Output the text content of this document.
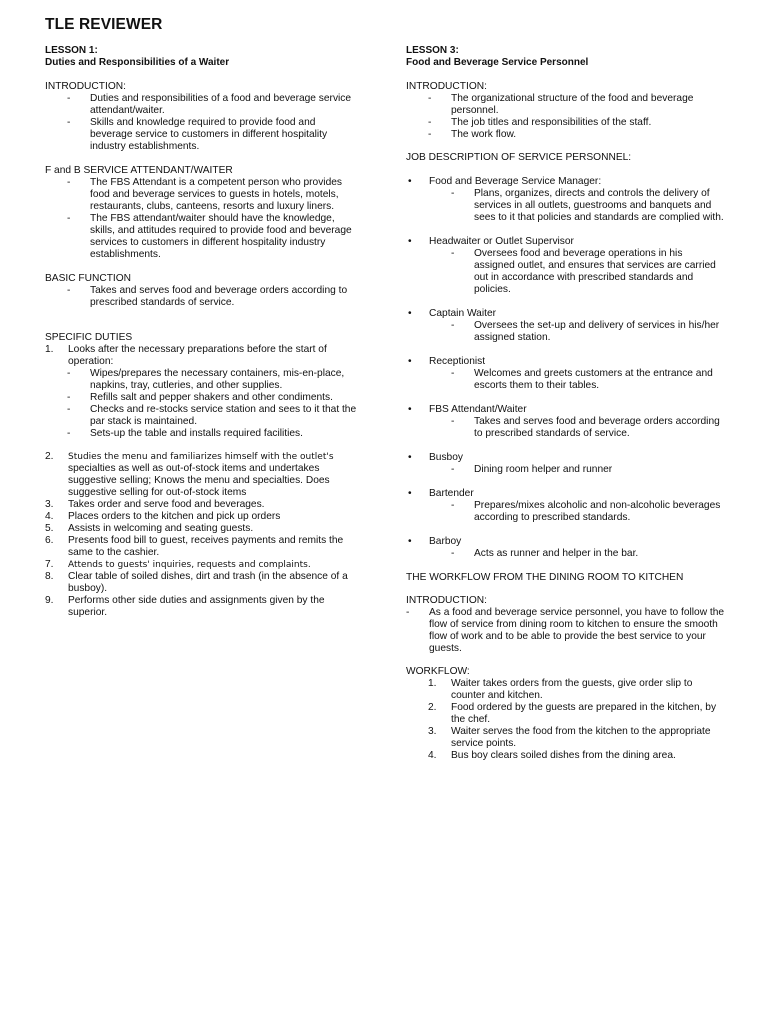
TLE REVIEWER
LESSON 1:
Duties and Responsibilities of a Waiter
INTRODUCTION:
-	Duties and responsibilities of a food and beverage service attendant/waiter.
-	Skills and knowledge required to provide food and beverage service to customers in different hospitality industry establishments.
F and B SERVICE ATTENDANT/WAITER
-	The FBS Attendant is a competent person who provides food and beverage services to guests in hotels, motels, restaurants, clubs, canteens, resorts and luxury liners.
-	The FBS attendant/waiter should have the knowledge, skills, and attitudes required to provide food and beverage services to customers in different hospitality industry establishments.
BASIC FUNCTION
-	Takes and serves food and beverage orders according to prescribed standards of service.
SPECIFIC DUTIES
1.	Looks after the necessary preparations before the start of operation:
-	Wipes/prepares the necessary containers, mis-en-place, napkins, tray, cutleries, and other supplies.
-	Refills salt and pepper shakers and other condiments.
-	Checks and re-stocks service station and sees to it that the par stack is maintained.
-	Sets-up the table and installs required facilities.
2.	Studies the menu and familiarizes himself with the outlet's
specialties as well as out-of-stock items and undertakes suggestive selling; Knows the menu and specialties. Does suggestive selling for out-of-stock items
3.	Takes order and serve food and beverages.
4.	Places orders to the kitchen and pick up orders
5.	Assists in welcoming and seating guests.
6.	Presents food bill to guest, receives payments and remits the same to the cashier.
7.	Attends to guests' inquiries, requests and complaints.
8.	Clear table of soiled dishes, dirt and trash (in the absence of a busboy).
9.	Performs other side duties and assignments given by the superior.
LESSON 3:
Food and Beverage Service Personnel
INTRODUCTION:
-	The organizational structure of the food and beverage personnel.
-	The job titles and responsibilities of the staff.
-	The work flow.
JOB DESCRIPTION OF SERVICE PERSONNEL:
•	Food and Beverage Service Manager:
-	Plans, organizes, directs and controls the delivery of services in all outlets, guestrooms and banquets and sees to it that policies and standards are complied with.
•	Headwaiter or Outlet Supervisor
-	Oversees food and beverage operations in his assigned outlet, and ensures that services are carried out in accordance with prescribed standards and policies.
•	Captain Waiter
-	Oversees the set-up and delivery of services in his/her assigned station.
•	Receptionist
-	Welcomes and greets customers at the entrance and escorts them to their tables.
•	FBS Attendant/Waiter
-	Takes and serves food and beverage orders according to prescribed standards of service.
•	Busboy
-	Dining room helper and runner
•	Bartender
-	Prepares/mixes alcoholic and non-alcoholic beverages according to prescribed standards.
•	Barboy
-	Acts as runner and helper in the bar.
THE WORKFLOW FROM THE DINING ROOM TO KITCHEN
INTRODUCTION:
-	As a food and beverage service personnel, you have to follow the flow of service from dining room to kitchen to ensure the smooth flow of work and to be able to provide the best service to your guests.
WORKFLOW:
1.	Waiter takes orders from the guests, give order slip to counter and kitchen.
2.	Food ordered by the guests are prepared in the kitchen, by the chef.
3.	Waiter serves the food from the kitchen to the appropriate service points.
4.	Bus boy clears soiled dishes from the dining area.
